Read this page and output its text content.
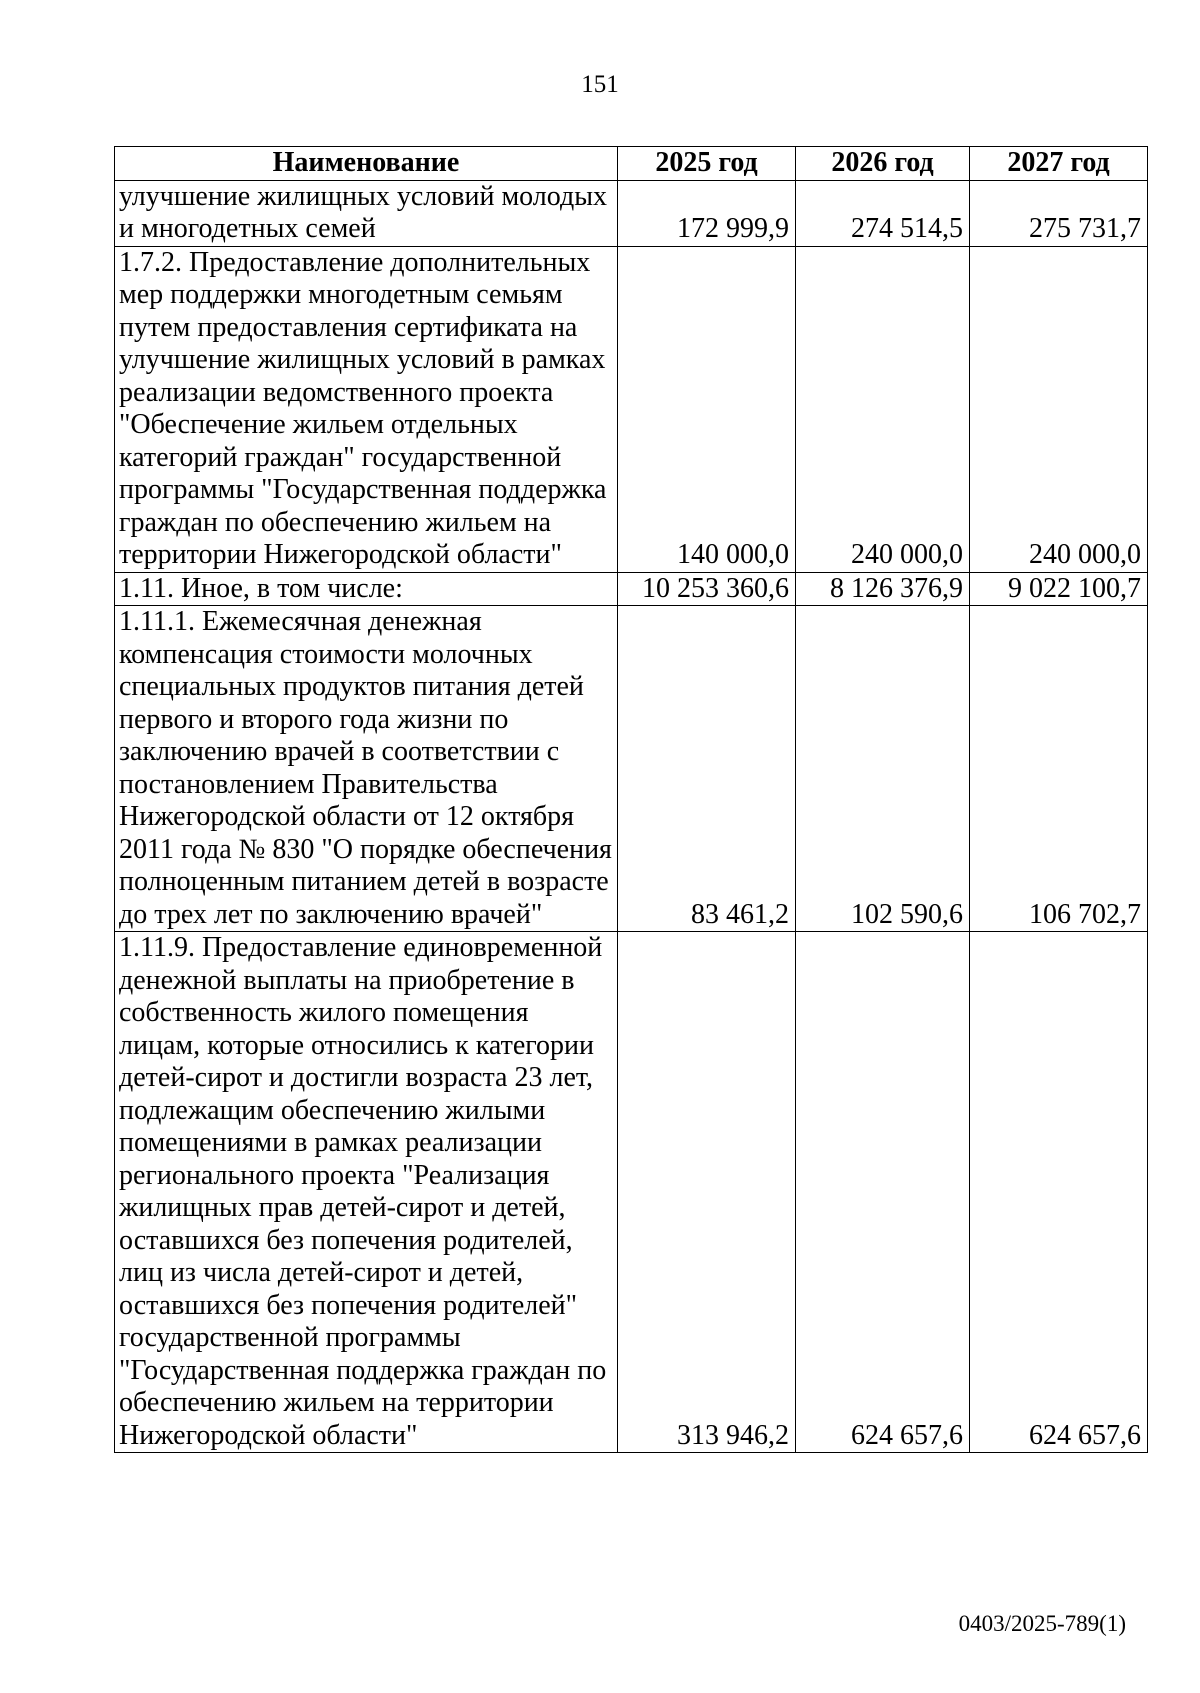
151
Наименование	2025 год	2026 год	2027 год
улучшение жилищных условий молодых и многодетных семей	172 999,9	274 514,5	275 731,7
1.7.2. Предоставление дополнительных мер поддержки многодетным семьям путем предоставления сертификата на улучшение жилищных условий в рамках реализации ведомственного проекта "Обеспечение жильем отдельных категорий граждан" государственной программы "Государственная поддержка граждан по обеспечению жильем на территории Нижегородской области"	140 000,0	240 000,0	240 000,0
1.11. Иное, в том числе:	10 253 360,6	8 126 376,9	9 022 100,7
1.11.1. Ежемесячная денежная компенсация стоимости молочных специальных продуктов питания детей первого и второго года жизни по заключению врачей в соответствии с постановлением Правительства Нижегородской области от 12 октября 2011 года № 830 "О порядке обеспечения полноценным питанием детей в возрасте до трех лет по заключению врачей"	83 461,2	102 590,6	106 702,7
1.11.9. Предоставление единовременной денежной выплаты на приобретение в собственность жилого помещения лицам, которые относились к категории детей-сирот и достигли возраста 23 лет, подлежащим обеспечению жилыми помещениями в рамках реализации регионального проекта "Реализация жилищных прав детей-сирот и детей, оставшихся без попечения родителей, лиц из числа детей-сирот и детей, оставшихся без попечения родителей" государственной программы "Государственная поддержка граждан по обеспечению жильем на территории Нижегородской области"	313 946,2	624 657,6	624 657,6
0403/2025-789(1)
